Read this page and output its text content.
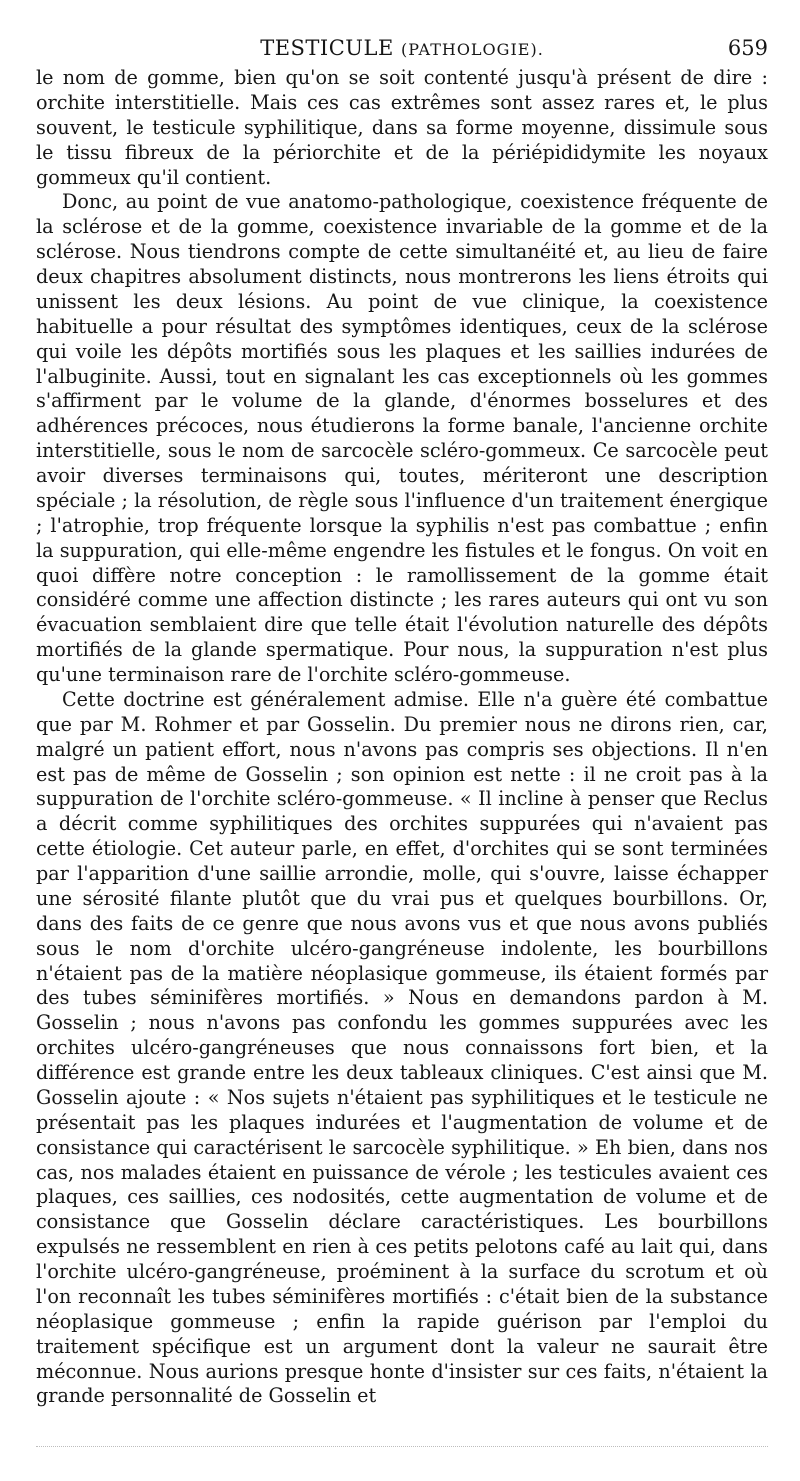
TESTICULE (PATHOLOGIE).	659

le nom de gomme, bien qu'on se soit contenté jusqu'à présent de dire : orchite interstitielle. Mais ces cas extrêmes sont assez rares et, le plus souvent, le testicule syphilitique, dans sa forme moyenne, dissimule sous le tissu fibreux de la périorchite et de la périépididymite les noyaux gommeux qu'il contient.

Donc, au point de vue anatomo-pathologique, coexistence fréquente de la sclérose et de la gomme, coexistence invariable de la gomme et de la sclérose. Nous tiendrons compte de cette simultanéité et, au lieu de faire deux chapitres absolument distincts, nous montrerons les liens étroits qui unissent les deux lésions. Au point de vue clinique, la coexistence habituelle a pour résultat des symptômes identiques, ceux de la sclérose qui voile les dépôts mortifiés sous les plaques et les saillies indurées de l'albuginite. Aussi, tout en signalant les cas exceptionnels où les gommes s'affirment par le volume de la glande, d'énormes bosselures et des adhérences précoces, nous étudierons la forme banale, l'ancienne orchite interstitielle, sous le nom de sarcocèle scléro-gommeux. Ce sarcocèle peut avoir diverses terminaisons qui, toutes, mériteront une description spéciale ; la résolution, de règle sous l'influence d'un traitement énergique ; l'atrophie, trop fréquente lorsque la syphilis n'est pas combattue ; enfin la suppuration, qui elle-même engendre les fistules et le fongus. On voit en quoi diffère notre conception : le ramollissement de la gomme était considéré comme une affection distincte ; les rares auteurs qui ont vu son évacuation semblaient dire que telle était l'évolution naturelle des dépôts mortifiés de la glande spermatique. Pour nous, la suppuration n'est plus qu'une terminaison rare de l'orchite scléro-gommeuse.

Cette doctrine est généralement admise. Elle n'a guère été combattue que par M. Rohmer et par Gosselin. Du premier nous ne dirons rien, car, malgré un patient effort, nous n'avons pas compris ses objections. Il n'en est pas de même de Gosselin ; son opinion est nette : il ne croit pas à la suppuration de l'orchite scléro-gommeuse. « Il incline à penser que Reclus a décrit comme syphilitiques des orchites suppurées qui n'avaient pas cette étiologie. Cet auteur parle, en effet, d'orchites qui se sont terminées par l'apparition d'une saillie arrondie, molle, qui s'ouvre, laisse échapper une sérosité filante plutôt que du vrai pus et quelques bourbillons. Or, dans des faits de ce genre que nous avons vus et que nous avons publiés sous le nom d'orchite ulcéro-gangréneuse indolente, les bourbillons n'étaient pas de la matière néoplasique gommeuse, ils étaient formés par des tubes séminifères mortifiés. » Nous en demandons pardon à M. Gosselin ; nous n'avons pas confondu les gommes suppurées avec les orchites ulcéro-gangréneuses que nous connaissons fort bien, et la différence est grande entre les deux tableaux cliniques. C'est ainsi que M. Gosselin ajoute : « Nos sujets n'étaient pas syphilitiques et le testicule ne présentait pas les plaques indurées et l'augmentation de volume et de consistance qui caractérisent le sarcocèle syphilitique. » Eh bien, dans nos cas, nos malades étaient en puissance de vérole ; les testicules avaient ces plaques, ces saillies, ces nodosités, cette augmentation de volume et de consistance que Gosselin déclare caractéristiques. Les bourbillons expulsés ne ressemblent en rien à ces petits pelotons café au lait qui, dans l'orchite ulcéro-gangréneuse, proéminent à la surface du scrotum et où l'on reconnaît les tubes séminifères mortifiés : c'était bien de la substance néoplasique gommeuse ; enfin la rapide guérison par l'emploi du traitement spécifique est un argument dont la valeur ne saurait être méconnue. Nous aurions presque honte d'insister sur ces faits, n'étaient la grande personnalité de Gosselin et
